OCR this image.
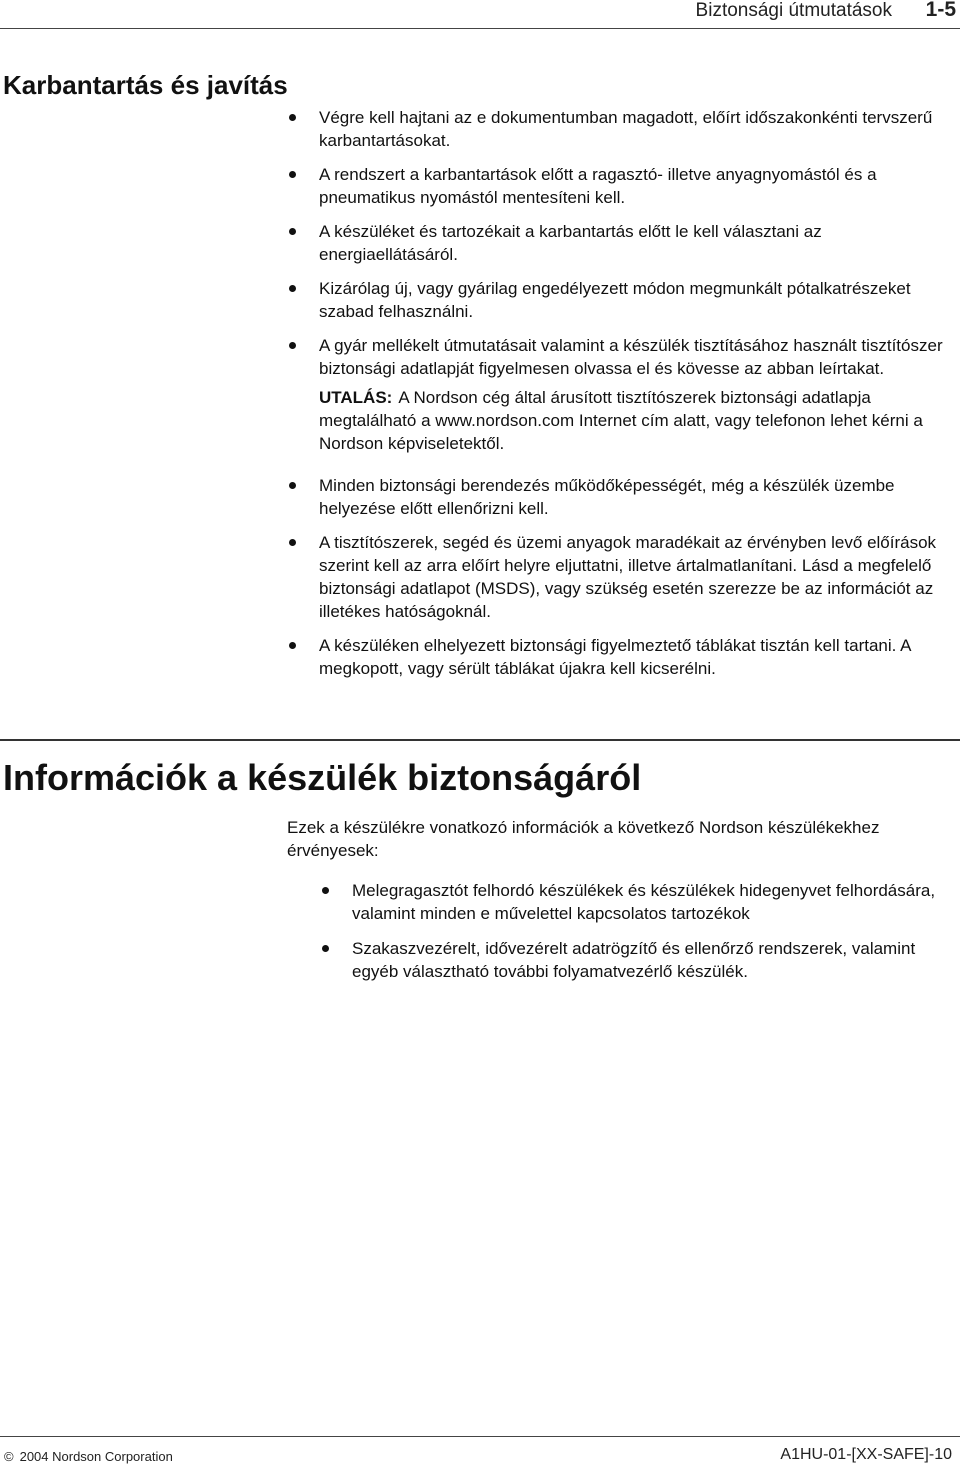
Biztonsági útmutatások 1-5
Karbantartás és javítás
Végre kell hajtani az e dokumentumban magadott, előírt időszakonkénti tervszerű karbantartásokat.
A rendszert a karbantartások előtt a ragasztó- illetve anyagnyomástól és a pneumatikus nyomástól mentesíteni kell.
A készüléket és tartozékait a karbantartás előtt le kell választani az energiaellátásáról.
Kizárólag új, vagy gyárilag engedélyezett módon megmunkált pótalkatrészeket szabad felhasználni.
A gyár mellékelt útmutatásait valamint a készülék tisztításához használt tisztítószer biztonsági adatlapját figyelmesen olvassa el és kövesse az abban leírtakat.
UTALÁS: A Nordson cég által árusított tisztítószerek biztonsági adatlapja megtalálható a www.nordson.com Internet cím alatt, vagy telefonon lehet kérni a Nordson képviseletektől.
Minden biztonsági berendezés működőképességét, még a készülék üzembe helyezése előtt ellenőrizni kell.
A tisztítószerek, segéd és üzemi anyagok maradékait az érvényben levő előírások szerint kell az arra előírt helyre eljuttatni, illetve ártalmatlanítani. Lásd a megfelelő biztonsági adatlapot (MSDS), vagy szükség esetén szerezze be az információt az illetékes hatóságoknál.
A készüléken elhelyezett biztonsági figyelmeztető táblákat tisztán kell tartani. A megkopott, vagy sérült táblákat újakra kell kicserélni.
Információk a készülék biztonságáról
Ezek a készülékre vonatkozó információk a következő Nordson készülékekhez érvényesek:
Melegragasztót felhordó készülékek és készülékek hidegenyvet felhordására, valamint minden e művelettel kapcsolatos tartozékok
Szakaszvezérelt, idővezérelt adatrögzítő és ellenőrző rendszerek, valamint egyéb választható további folyamatvezérlő készülék.
© 2004 Nordson Corporation	A1HU-01-[XX-SAFE]-10
